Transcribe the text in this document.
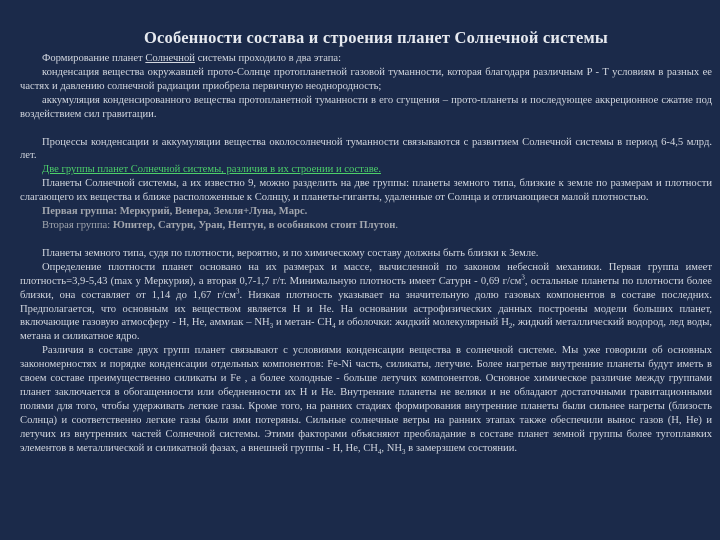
Особенности состава и строения планет Солнечной системы

Формирование планет Солнечной системы проходило в два этапа:

конденсация вещества окружавшей прото-Солнце протопланетной газовой туманности, которая благодаря различным P - T условиям в разных ее частях и давлению солнечной радиации приобрела первичную неоднородность;

аккумуляция конденсированного вещества протопланетной туманности в его сгущения – прото-планеты и последующее аккреционное сжатие под воздействием сил гравитации.

Процессы конденсации и аккумуляции вещества околосолнечной туманности связываются с развитием Солнечной системы в период 6-4,5 млрд. лет.

Две группы планет Солнечной системы, различия в их строении и составе.

Планеты Солнечной системы, а их известно 9, можно разделить на две группы: планеты земного типа, близкие к земле по размерам и плотности слагающего их вещества и ближе расположенные к Солнцу, и планеты-гиганты, удаленные от Солнца и отличающиеся малой плотностью.

Первая группа: Меркурий, Венера, Земля+Луна, Марс.

Вторая группа: Юпитер, Сатурн, Уран, Нептун, в особняком стоит Плутон.

Планеты земного типа, судя по плотности, вероятно, и по химическому составу должны быть близки к Земле.

Определение плотности планет основано на их размерах и массе, вычисленной по законом небесной механики. Первая группа имеет плотность=3,9-5,43 (max у Меркурия), а вторая 0,7-1,7 г/т. Минимальную плотность имеет Сатурн - 0,69 $г/см^3$, остальные планеты по плотности более близки, она составляет от 1,14 до 1,67 $г/см^3$. Низкая плотность указывает на значительную долю газовых компонентов в составе последних. Предполагается, что основным их веществом является Н и Не. На основании астрофизических данных построены модели больших планет, включающие газовую атмосферу - Н, Не, аммиак – $NH_3$ и метан- $СН_4$ и оболочки: жидкий молекулярный $Н_2$, жидкий металлический водород, лед воды, метана и силикатное ядро.

Различия в составе двух групп планет связывают с условиями конденсации вещества в солнечной системе. Мы уже говорили об основных закономерностях и порядке конденсации отдельных компонентов: Fe-Ni часть, силикаты, летучие. Более нагретые внутренние планеты будут иметь в своем составе преимущественно силикаты и Fe , а более холодные - больше летучих компонентов. Основное химическое различие между группами планет заключается в обогащенности или обедненности их Н и Не. Внутренние планеты не велики и не обладают достаточными гравитационными полями для того, чтобы удерживать легкие газы. Кроме того, на ранних стадиях формирования внутренние планеты были сильнее нагреты (близость Солнца) и соответственно легкие газы были ими потеряны. Сильные солнечные ветры на ранних этапах также обеспечили вынос газов (Н, Не) и летучих из внутренних частей Солнечной системы. Этими факторами объясняют преобладание в составе планет земной группы более тугоплавких элементов в металлической и силикатной фазах, а внешней группы - Н, Не, $СН_4$, $NH_3$ в замерзшем состоянии.
